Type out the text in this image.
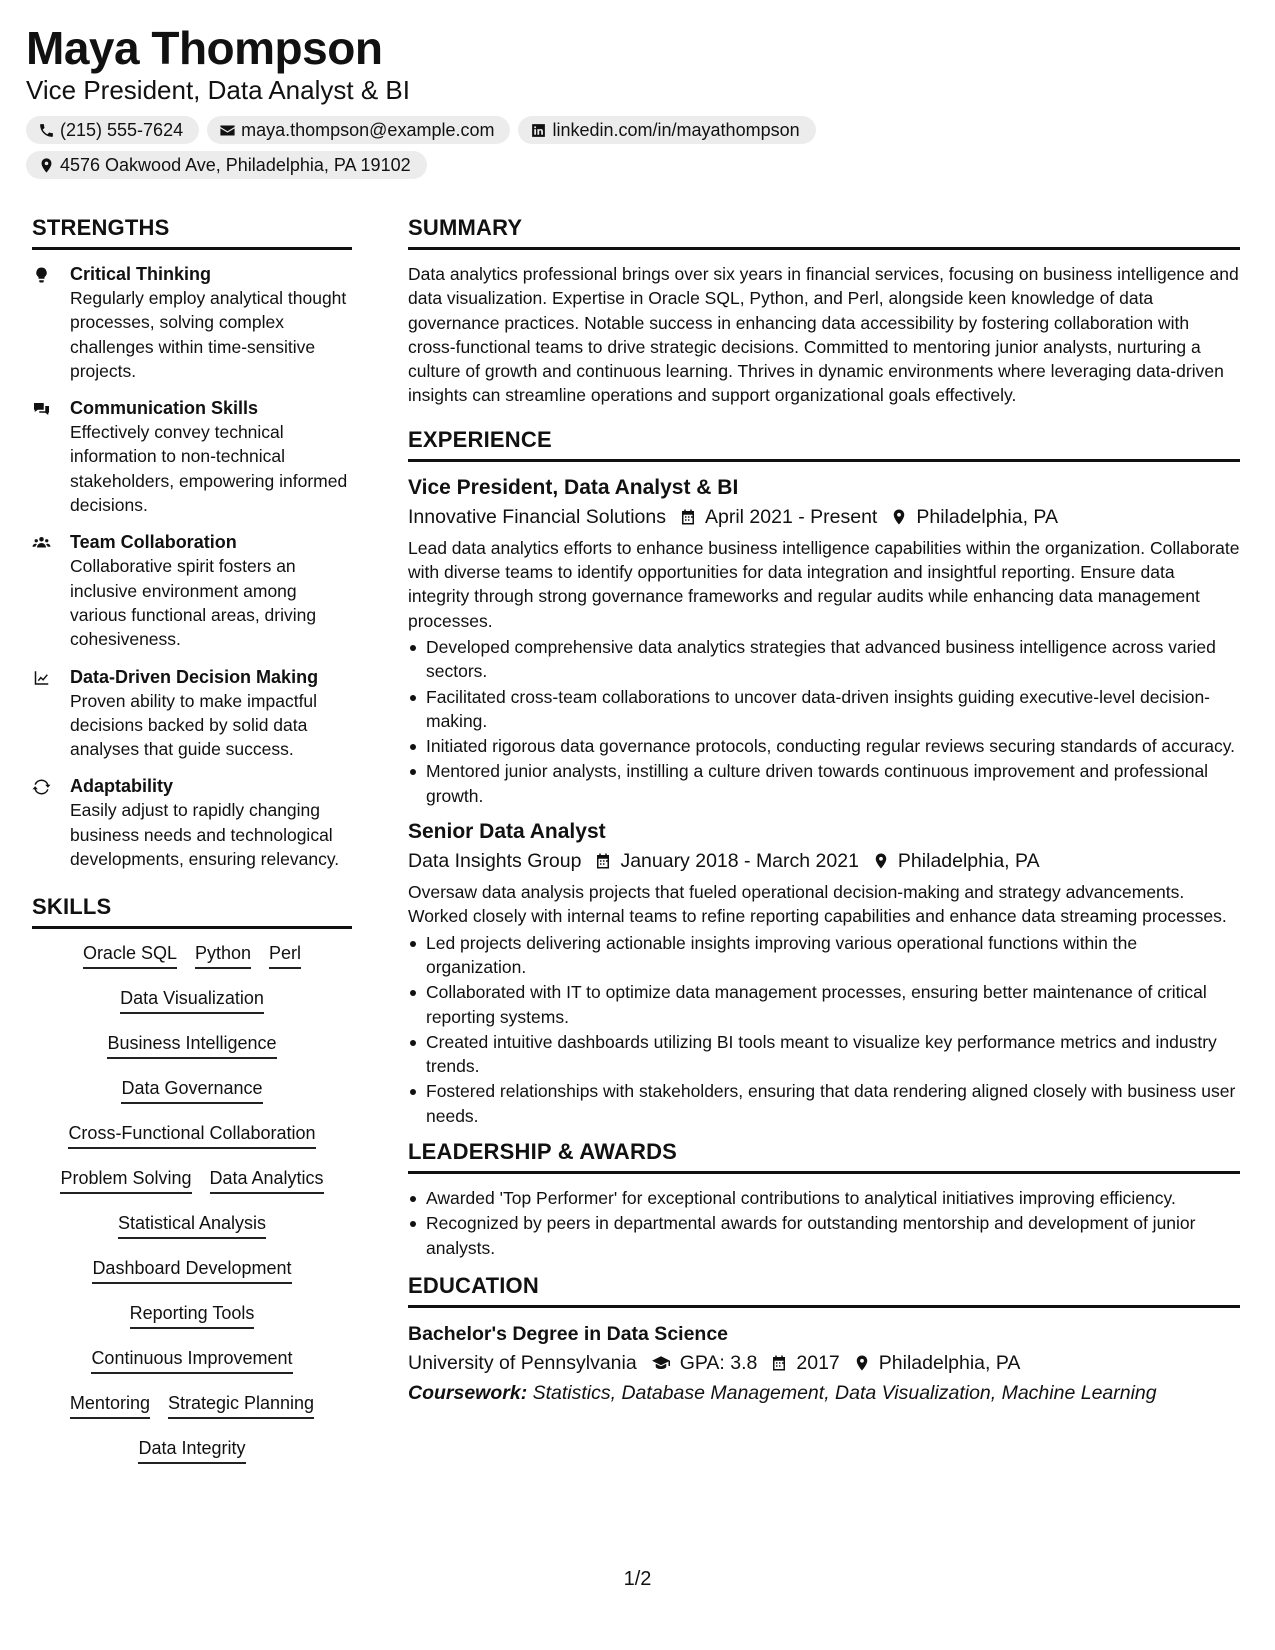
Maya Thompson
Vice President, Data Analyst & BI
(215) 555-7624	maya.thompson@example.com	linkedin.com/in/mayathompson
4576 Oakwood Ave, Philadelphia, PA 19102
STRENGTHS
Critical Thinking
Regularly employ analytical thought processes, solving complex challenges within time-sensitive projects.
Communication Skills
Effectively convey technical information to non-technical stakeholders, empowering informed decisions.
Team Collaboration
Collaborative spirit fosters an inclusive environment among various functional areas, driving cohesiveness.
Data-Driven Decision Making
Proven ability to make impactful decisions backed by solid data analyses that guide success.
Adaptability
Easily adjust to rapidly changing business needs and technological developments, ensuring relevancy.
SKILLS
Oracle SQL Python Perl
Data Visualization
Business Intelligence
Data Governance
Cross-Functional Collaboration
Problem Solving Data Analytics
Statistical Analysis
Dashboard Development
Reporting Tools
Continuous Improvement
Mentoring Strategic Planning
Data Integrity
SUMMARY
Data analytics professional brings over six years in financial services, focusing on business intelligence and data visualization. Expertise in Oracle SQL, Python, and Perl, alongside keen knowledge of data governance practices. Notable success in enhancing data accessibility by fostering collaboration with cross-functional teams to drive strategic decisions. Committed to mentoring junior analysts, nurturing a culture of growth and continuous learning. Thrives in dynamic environments where leveraging data-driven insights can streamline operations and support organizational goals effectively.
EXPERIENCE
Vice President, Data Analyst & BI
Innovative Financial Solutions April 2021 - Present Philadelphia, PA
Lead data analytics efforts to enhance business intelligence capabilities within the organization. Collaborate with diverse teams to identify opportunities for data integration and insightful reporting. Ensure data integrity through strong governance frameworks and regular audits while enhancing data management processes.
Developed comprehensive data analytics strategies that advanced business intelligence across varied sectors.
Facilitated cross-team collaborations to uncover data-driven insights guiding executive-level decision-making.
Initiated rigorous data governance protocols, conducting regular reviews securing standards of accuracy.
Mentored junior analysts, instilling a culture driven towards continuous improvement and professional growth.
Senior Data Analyst
Data Insights Group January 2018 - March 2021 Philadelphia, PA
Oversaw data analysis projects that fueled operational decision-making and strategy advancements. Worked closely with internal teams to refine reporting capabilities and enhance data streaming processes.
Led projects delivering actionable insights improving various operational functions within the organization.
Collaborated with IT to optimize data management processes, ensuring better maintenance of critical reporting systems.
Created intuitive dashboards utilizing BI tools meant to visualize key performance metrics and industry trends.
Fostered relationships with stakeholders, ensuring that data rendering aligned closely with business user needs.
LEADERSHIP & AWARDS
Awarded 'Top Performer' for exceptional contributions to analytical initiatives improving efficiency.
Recognized by peers in departmental awards for outstanding mentorship and development of junior analysts.
EDUCATION
Bachelor's Degree in Data Science
University of Pennsylvania GPA: 3.8 2017 Philadelphia, PA
Coursework: Statistics, Database Management, Data Visualization, Machine Learning
1/2
